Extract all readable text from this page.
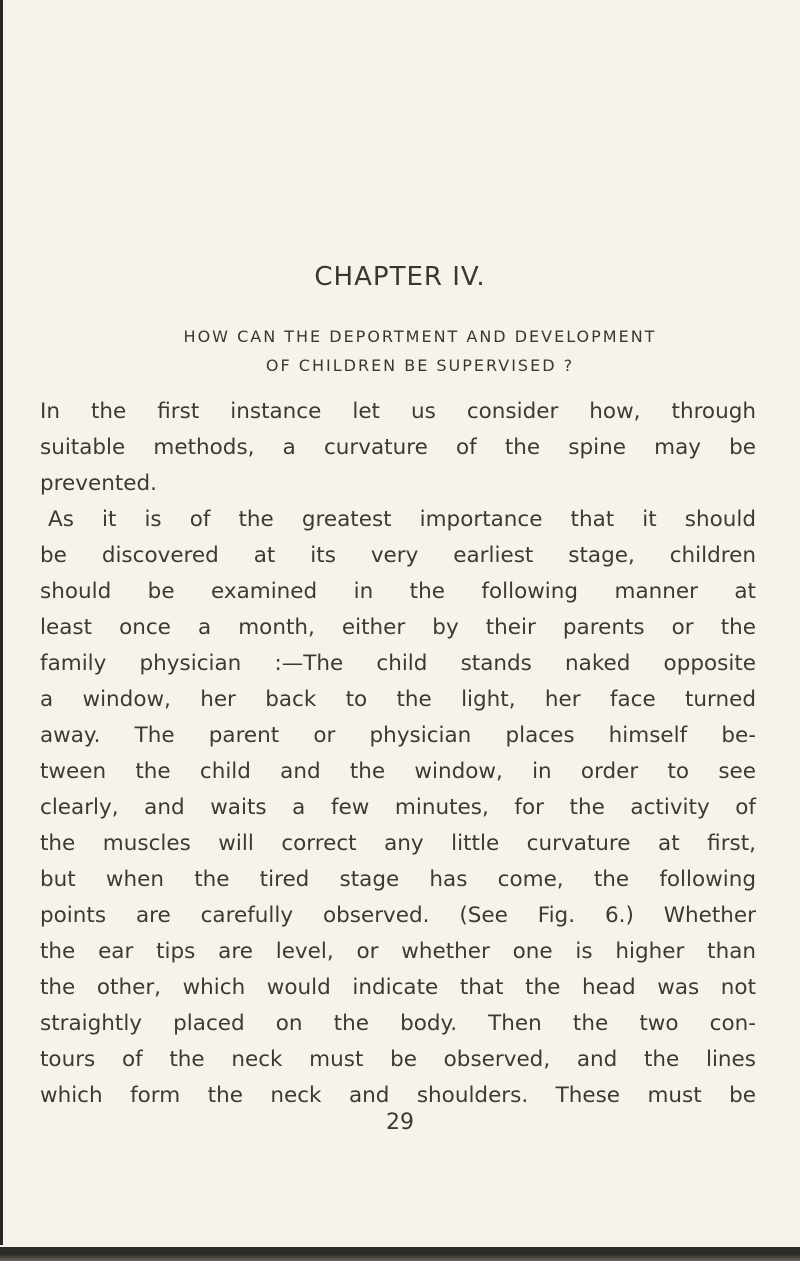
CHAPTER IV.
HOW CAN THE DEPORTMENT AND DEVELOPMENT
OF CHILDREN BE SUPERVISED ?
In the first instance let us consider how, through
suitable methods, a curvature of the spine may be
prevented.
As it is of the greatest importance that it should
be discovered at its very earliest stage, children
should be examined in the following manner at
least once a month, either by their parents or the
family physician :—The child stands naked opposite
a window, her back to the light, her face turned
away. The parent or physician places himself be-
tween the child and the window, in order to see
clearly, and waits a few minutes, for the activity of
the muscles will correct any little curvature at first,
but when the tired stage has come, the following
points are carefully observed. (See Fig. 6.) Whether
the ear tips are level, or whether one is higher than
the other, which would indicate that the head was not
straightly placed on the body. Then the two con-
tours of the neck must be observed, and the lines
which form the neck and shoulders. These must be
29
